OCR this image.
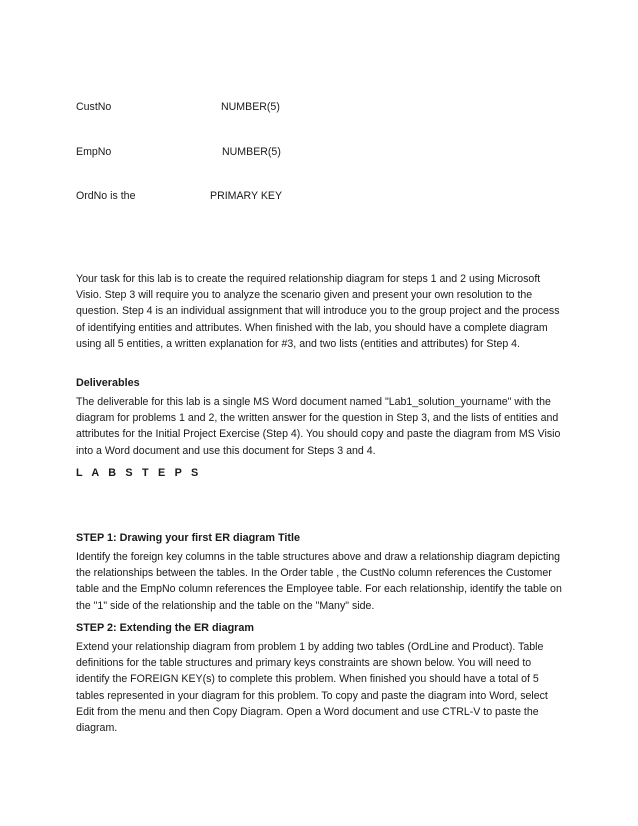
CustNo	NUMBER(5)
EmpNo	NUMBER(5)
OrdNo is the	PRIMARY KEY
Your task for this lab is to create the required relationship diagram for steps 1 and 2 using Microsoft Visio. Step 3 will require you to analyze the scenario given and present your own resolution to the question. Step 4 is an individual assignment that will introduce you to the group project and the process of identifying entities and attributes. When finished with the lab, you should have a complete diagram using all 5 entities, a written explanation for #3, and two lists (entities and attributes) for Step 4.
Deliverables
The deliverable for this lab is a single MS Word document named "Lab1_solution_yourname" with the diagram for problems 1 and 2, the written answer for the question in Step 3, and the lists of entities and attributes for the Initial Project Exercise (Step 4). You should copy and paste the diagram from MS Visio into a Word document and use this document for Steps 3 and 4.
L A B S T E P S
STEP 1: Drawing your first ER diagram Title
Identify the foreign key columns in the table structures above and draw a relationship diagram depicting the relationships between the tables. In the Order table , the CustNo column references the Customer table and the EmpNo column references the Employee table. For each relationship, identify the table on the "1" side of the relationship and the table on the "Many" side.
STEP 2: Extending the ER diagram
Extend your relationship diagram from problem 1 by adding two tables (OrdLine and Product). Table definitions for the table structures and primary keys constraints are shown below. You will need to identify the FOREIGN KEY(s) to complete this problem. When finished you should have a total of 5 tables represented in your diagram for this problem. To copy and paste the diagram into Word, select Edit from the menu and then Copy Diagram. Open a Word document and use CTRL-V to paste the diagram.
